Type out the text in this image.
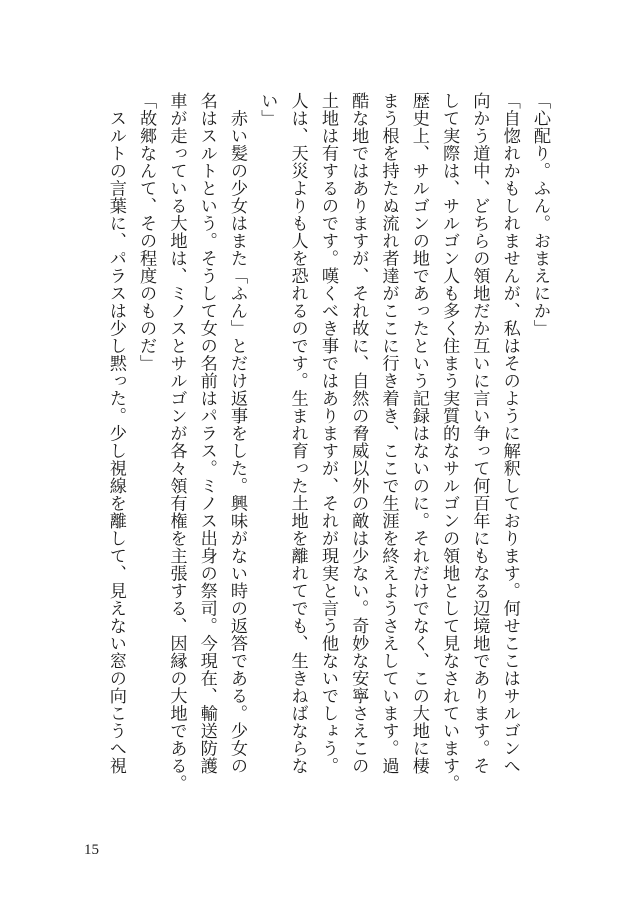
「心配り。ふん。おまえにか」
「自惚れかもしれませんが、私はそのように解釈しております。何せここはサルゴンへ
向かう道中、どちらの領地だか互いに言い争って何百年にもなる辺境地であります。そ
して実際は、サルゴン人も多く住まう実質的なサルゴンの領地として見なされています。
歴史上、サルゴンの地であったという記録はないのに。それだけでなく、この大地に棲
まう根を持たぬ流れ者達がここに行き着き、ここで生涯を終えようさえしています。過
酷な地ではありますが、それ故に、自然の脅威以外の敵は少ない。奇妙な安寧さえこの
土地は有するのです。嘆くべき事ではありますが、それが現実と言う他ないでしょう。
人は、天災よりも人を恐れるのです。生まれ育った土地を離れてでも、生きねばならな
い」
　赤い髪の少女はまた「ふん」とだけ返事をした。興味がない時の返答である。少女の
名はスルトという。そうして女の名前はパラス。ミノス出身の祭司。今現在、輸送防護
車が走っている大地は、ミノスとサルゴンが各々領有権を主張する、因縁の大地である。
「故郷なんて、その程度のものだ」
　スルトの言葉に、パラスは少し黙った。少し視線を離して、見えない窓の向こうへ視
15
